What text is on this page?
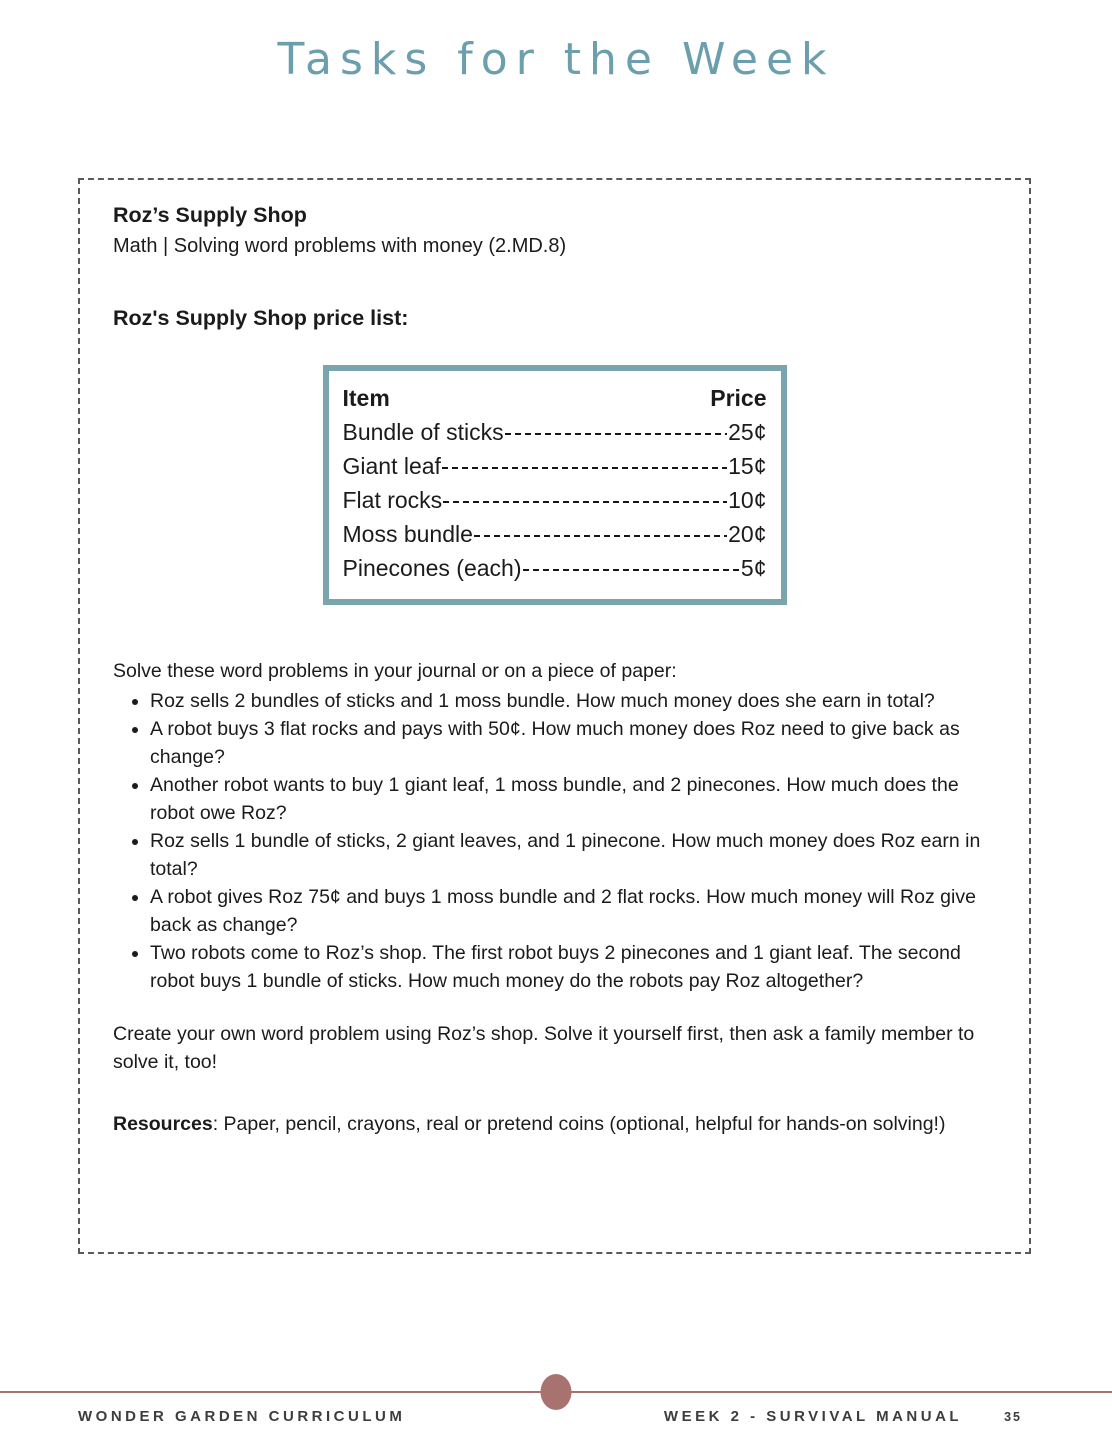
Tasks for the Week
Roz’s Supply Shop

Math | Solving word problems with money (2.MD.8)

Roz's Supply Shop price list:
Item	Price
Bundle of sticks	25¢
Giant leaf	15¢
Flat rocks	10¢
Moss bundle	20¢
Pinecones (each)	5¢

Solve these word problems in your journal or on a piece of paper:

• Roz sells 2 bundles of sticks and 1 moss bundle. How much money does she earn in total?
• A robot buys 3 flat rocks and pays with 50¢. How much money does Roz need to give back as change?
• Another robot wants to buy 1 giant leaf, 1 moss bundle, and 2 pinecones. How much does the robot owe Roz?
• Roz sells 1 bundle of sticks, 2 giant leaves, and 1 pinecone. How much money does Roz earn in total?
• A robot gives Roz 75¢ and buys 1 moss bundle and 2 flat rocks. How much money will Roz give back as change?
• Two robots come to Roz’s shop. The first robot buys 2 pinecones and 1 giant leaf. The second robot buys 1 bundle of sticks. How much money do the robots pay Roz altogether?

Create your own word problem using Roz’s shop. Solve it yourself first, then ask a family member to solve it, too!

Resources: Paper, pencil, crayons, real or pretend coins (optional, helpful for hands-on solving!)

WONDER GARDEN CURRICULUM	WEEK 2 - SURVIVAL MANUAL	35
